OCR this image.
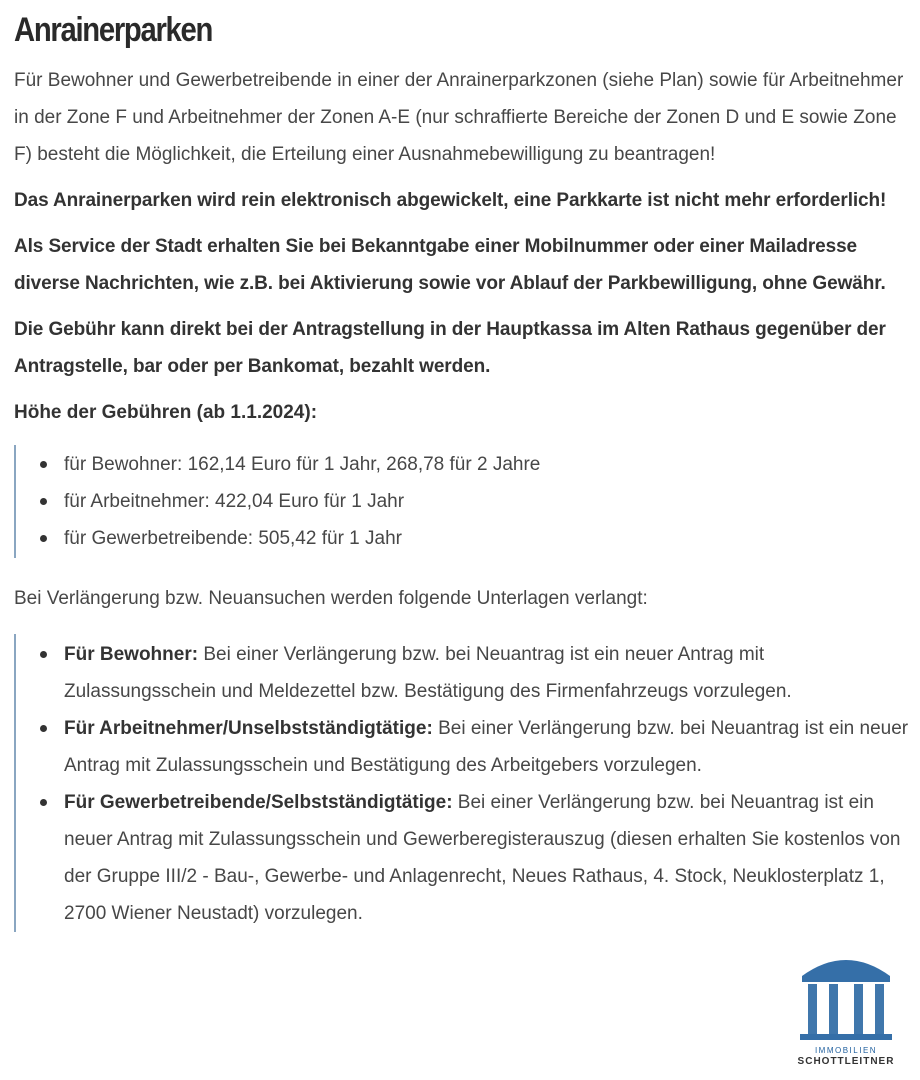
Anrainerparken

Für Bewohner und Gewerbetreibende in einer der Anrainerparkzonen (siehe Plan) sowie für Arbeitnehmer in der Zone F und Arbeitnehmer der Zonen A-E (nur schraffierte Bereiche der Zonen D und E sowie Zone F) besteht die Möglichkeit, die Erteilung einer Ausnahmebewilligung zu beantragen!

Das Anrainerparken wird rein elektronisch abgewickelt, eine Parkkarte ist nicht mehr erforderlich!

Als Service der Stadt erhalten Sie bei Bekanntgabe einer Mobilnummer oder einer Mailadresse diverse Nachrichten, wie z.B. bei Aktivierung sowie vor Ablauf der Parkbewilligung, ohne Gewähr.

Die Gebühr kann direkt bei der Antragstellung in der Hauptkassa im Alten Rathaus gegenüber der Antragstelle, bar oder per Bankomat, bezahlt werden.

Höhe der Gebühren (ab 1.1.2024):

für Bewohner: 162,14 Euro für 1 Jahr, 268,78 für 2 Jahre
für Arbeitnehmer: 422,04 Euro für 1 Jahr
für Gewerbetreibende: 505,42 für 1 Jahr

Bei Verlängerung bzw. Neuansuchen werden folgende Unterlagen verlangt:

Für Bewohner: Bei einer Verlängerung bzw. bei Neuantrag ist ein neuer Antrag mit Zulassungsschein und Meldezettel bzw. Bestätigung des Firmenfahrzeugs vorzulegen.
Für Arbeitnehmer/Unselbstständigtätige: Bei einer Verlängerung bzw. bei Neuantrag ist ein neuer Antrag mit Zulassungsschein und Bestätigung des Arbeitgebers vorzulegen.
Für Gewerbetreibende/Selbstständigtätige: Bei einer Verlängerung bzw. bei Neuantrag ist ein neuer Antrag mit Zulassungsschein und Gewerberegisterauszug (diesen erhalten Sie kostenlos von der Gruppe III/2 - Bau-, Gewerbe- und Anlagenrecht, Neues Rathaus, 4. Stock, Neuklosterplatz 1, 2700 Wiener Neustadt) vorzulegen.
IMMOBILIEN
SCHOTTLEITNER
